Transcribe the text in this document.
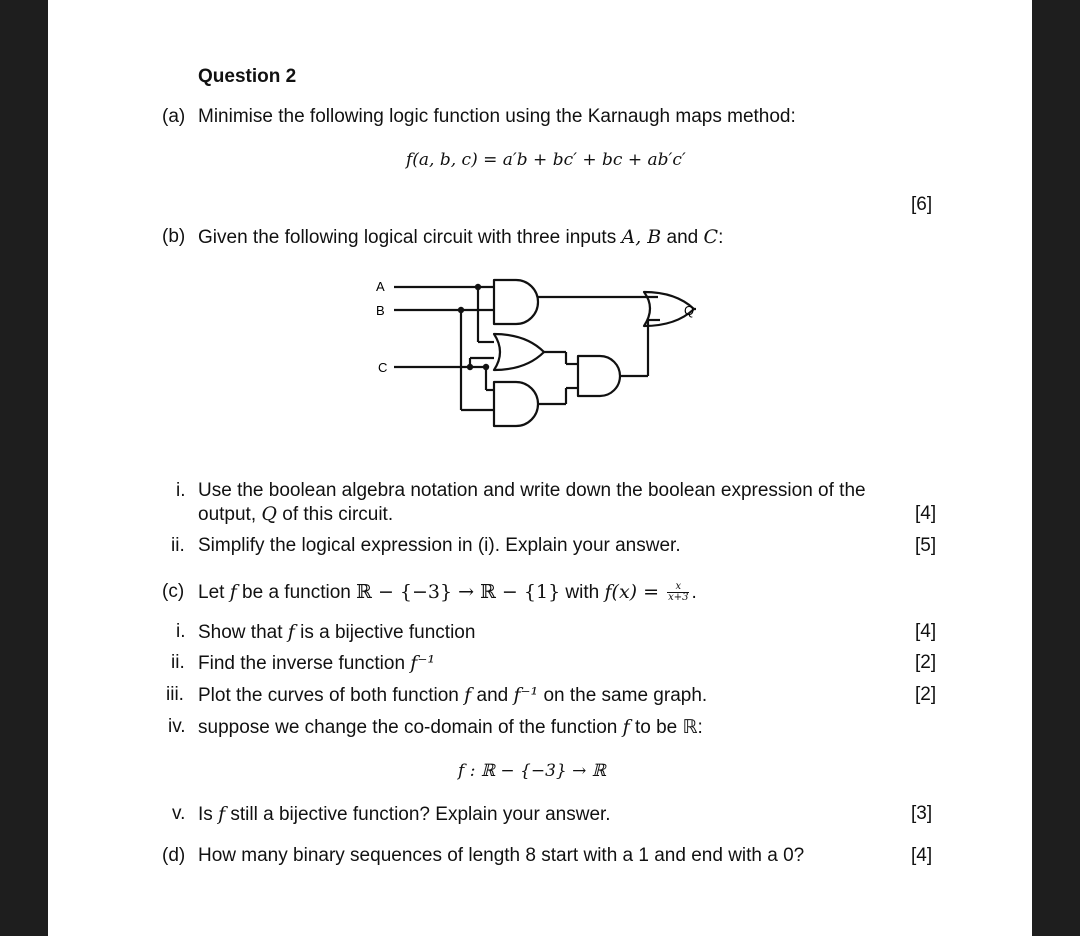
Question 2
(a) Minimise the following logic function using the Karnaugh maps method:
f(a, b, c) = a′b + bc′ + bc + ab′c′
[6]
(b) Given the following logical circuit with three inputs A, B and C:
A
B
C
Q
i. Use the boolean algebra notation and write down the boolean expression of the
output, Q of this circuit.	[4]
ii. Simplify the logical expression in (i). Explain your answer.	[5]
(c) Let f be a function ℝ − {−3} → ℝ − {1} with $f(x) = \frac{x}{x+3}$ .
i. Show that f is a bijective function	[4]
ii. Find the inverse function f⁻¹	[2]
iii. Plot the curves of both function f and f⁻¹ on the same graph.	[2]
iv. suppose we change the co-domain of the function f to be ℝ:
f : ℝ − {−3} → ℝ
v. Is f still a bijective function? Explain your answer.	[3]
(d) How many binary sequences of length 8 start with a 1 and end with a 0?	[4]
